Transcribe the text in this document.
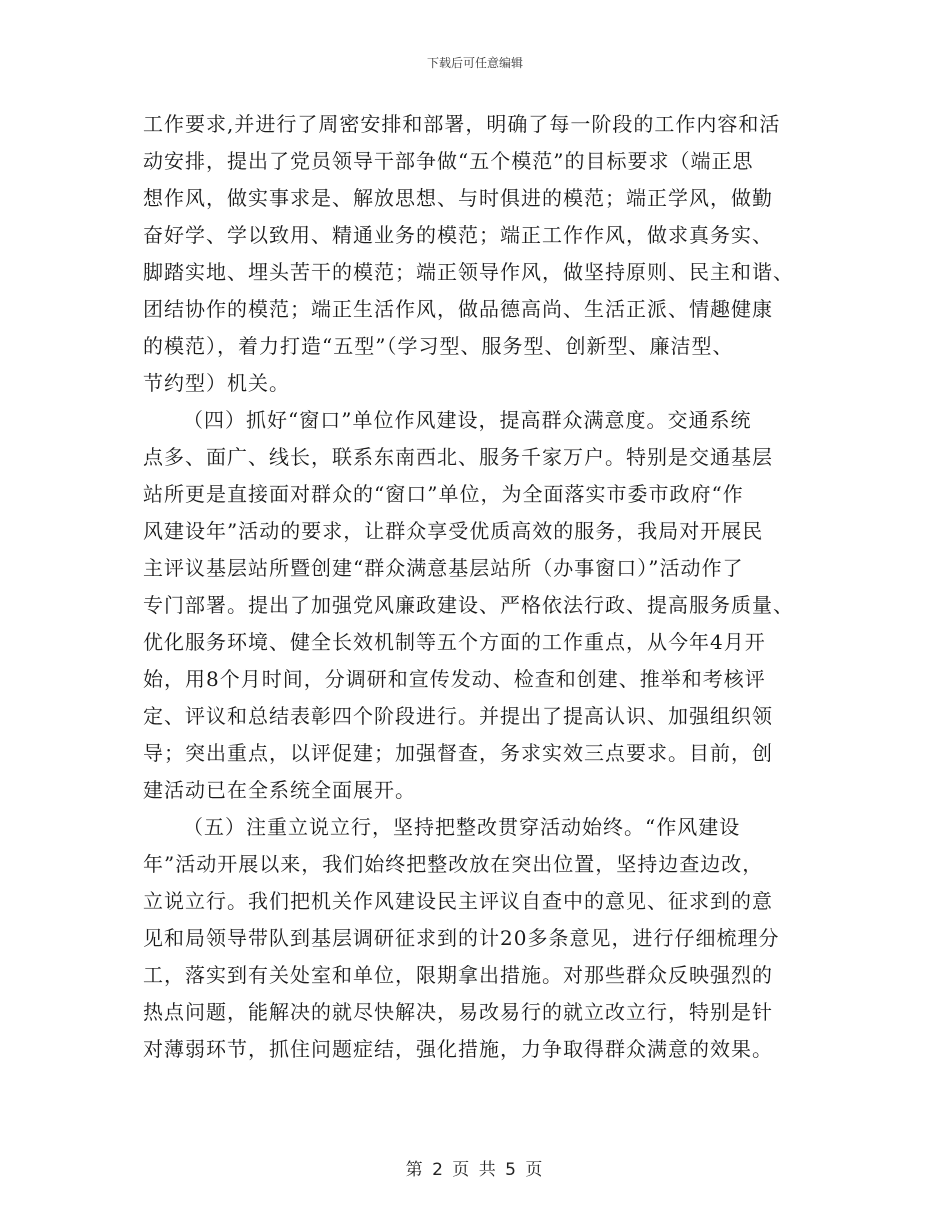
下载后可任意编辑
工作要求,并进行了周密安排和部署，明确了每一阶段的工作内容和活
动安排，提出了党员领导干部争做“五个模范”的目标要求（端正思
想作风，做实事求是、解放思想、与时俱进的模范；端正学风，做勤
奋好学、学以致用、精通业务的模范；端正工作作风，做求真务实、
脚踏实地、埋头苦干的模范；端正领导作风，做坚持原则、民主和谐、
团结协作的模范；端正生活作风，做品德高尚、生活正派、情趣健康
的模范），着力打造“五型”（学习型、服务型、创新型、廉洁型、
节约型）机关。
（四）抓好“窗口”单位作风建设，提高群众满意度。交通系统
点多、面广、线长，联系东南西北、服务千家万户。特别是交通基层
站所更是直接面对群众的“窗口”单位，为全面落实市委市政府“作
风建设年”活动的要求，让群众享受优质高效的服务，我局对开展民
主评议基层站所暨创建“群众满意基层站所（办事窗口）”活动作了
专门部署。提出了加强党风廉政建设、严格依法行政、提高服务质量、
优化服务环境、健全长效机制等五个方面的工作重点，从今年4月开
始，用8个月时间，分调研和宣传发动、检查和创建、推举和考核评
定、评议和总结表彰四个阶段进行。并提出了提高认识、加强组织领
导；突出重点，以评促建；加强督查，务求实效三点要求。目前，创
建活动已在全系统全面展开。
（五）注重立说立行，坚持把整改贯穿活动始终。“作风建设
年”活动开展以来，我们始终把整改放在突出位置，坚持边查边改，
立说立行。我们把机关作风建设民主评议自查中的意见、征求到的意
见和局领导带队到基层调研征求到的计20多条意见，进行仔细梳理分
工，落实到有关处室和单位，限期拿出措施。对那些群众反映强烈的
热点问题，能解决的就尽快解决，易改易行的就立改立行，特别是针
对薄弱环节，抓住问题症结，强化措施，力争取得群众满意的效果。
第 2 页 共 5 页
